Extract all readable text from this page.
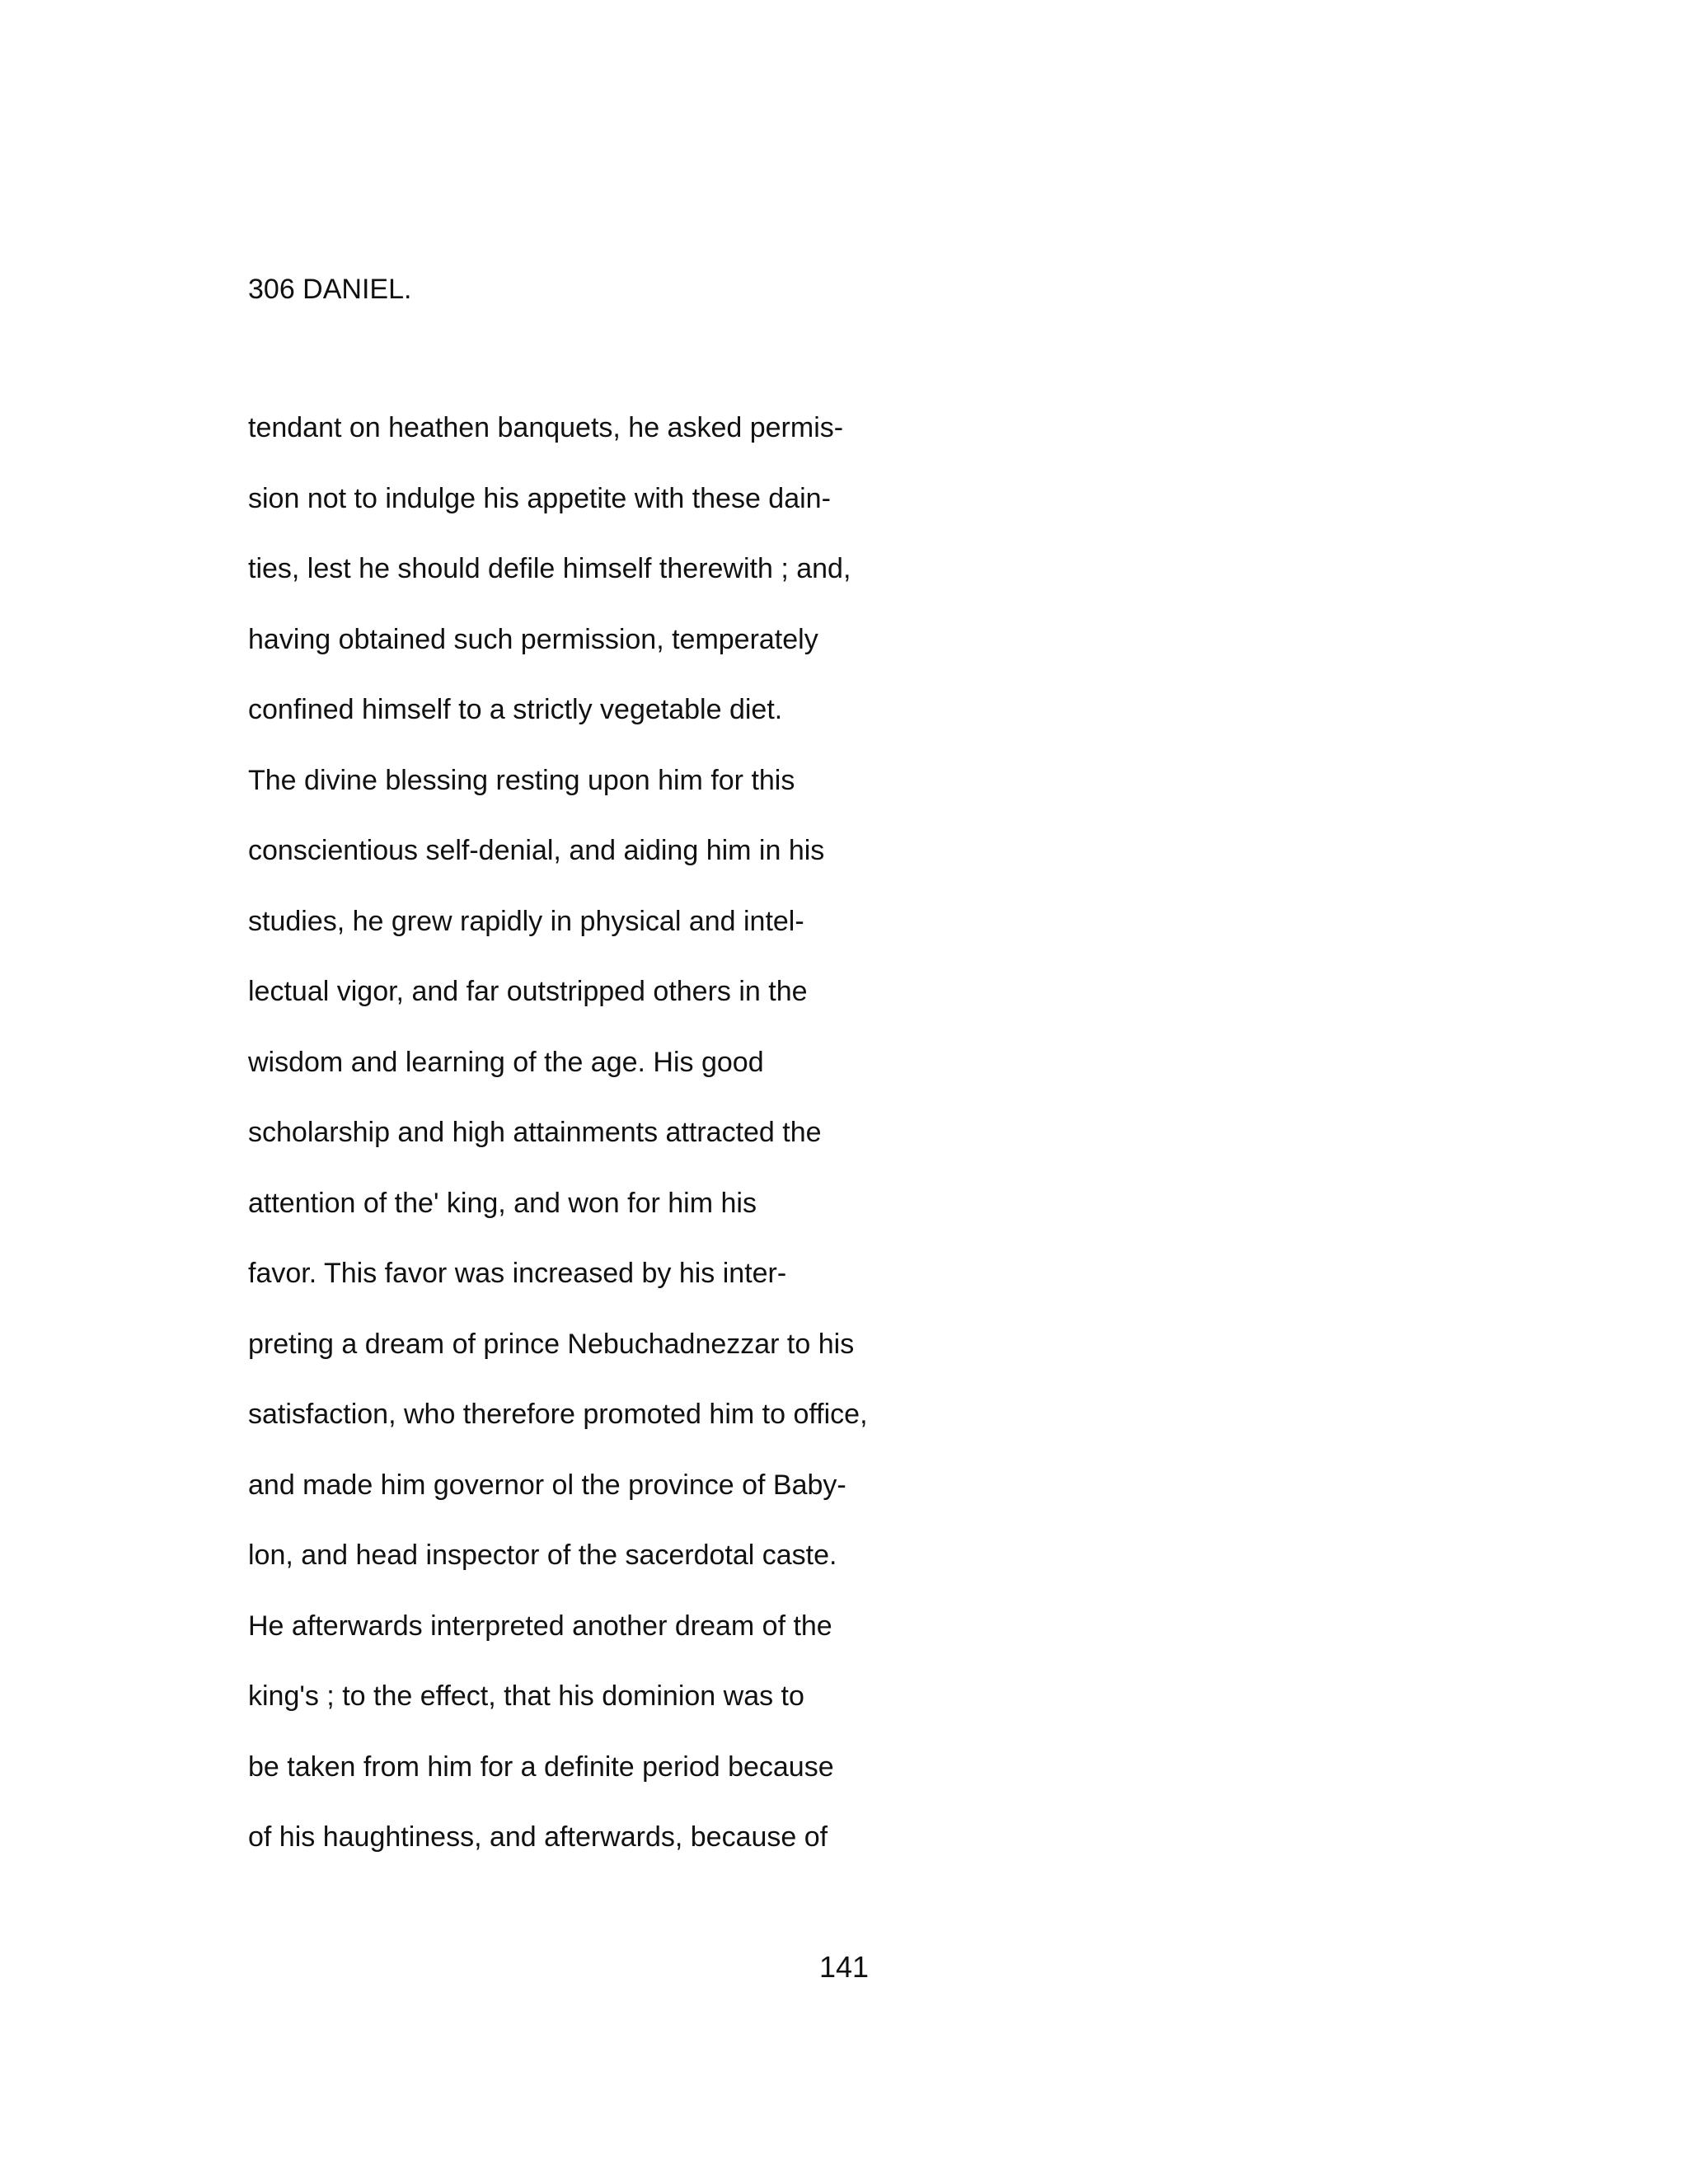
306 DANIEL.
tendant on heathen banquets, he asked permis-
sion not to indulge his appetite with these dain-
ties, lest he should defile himself therewith ; and,
having obtained such permission, temperately
confined himself to a strictly vegetable diet.
The divine blessing resting upon him for this
conscientious self-denial, and aiding him in his
studies, he grew rapidly in physical and intel-
lectual vigor, and far outstripped others in the
wisdom and learning of the age. His good
scholarship and high attainments attracted the
attention of the' king, and won for him his
favor. This favor was increased by his inter-
preting a dream of prince Nebuchadnezzar to his
satisfaction, who therefore promoted him to office,
and made him governor ol the province of Baby-
lon, and head inspector of the sacerdotal caste.
He afterwards interpreted another dream of the
king's ; to the effect, that his dominion was to
be taken from him for a definite period because
of his haughtiness, and afterwards, because of
141
